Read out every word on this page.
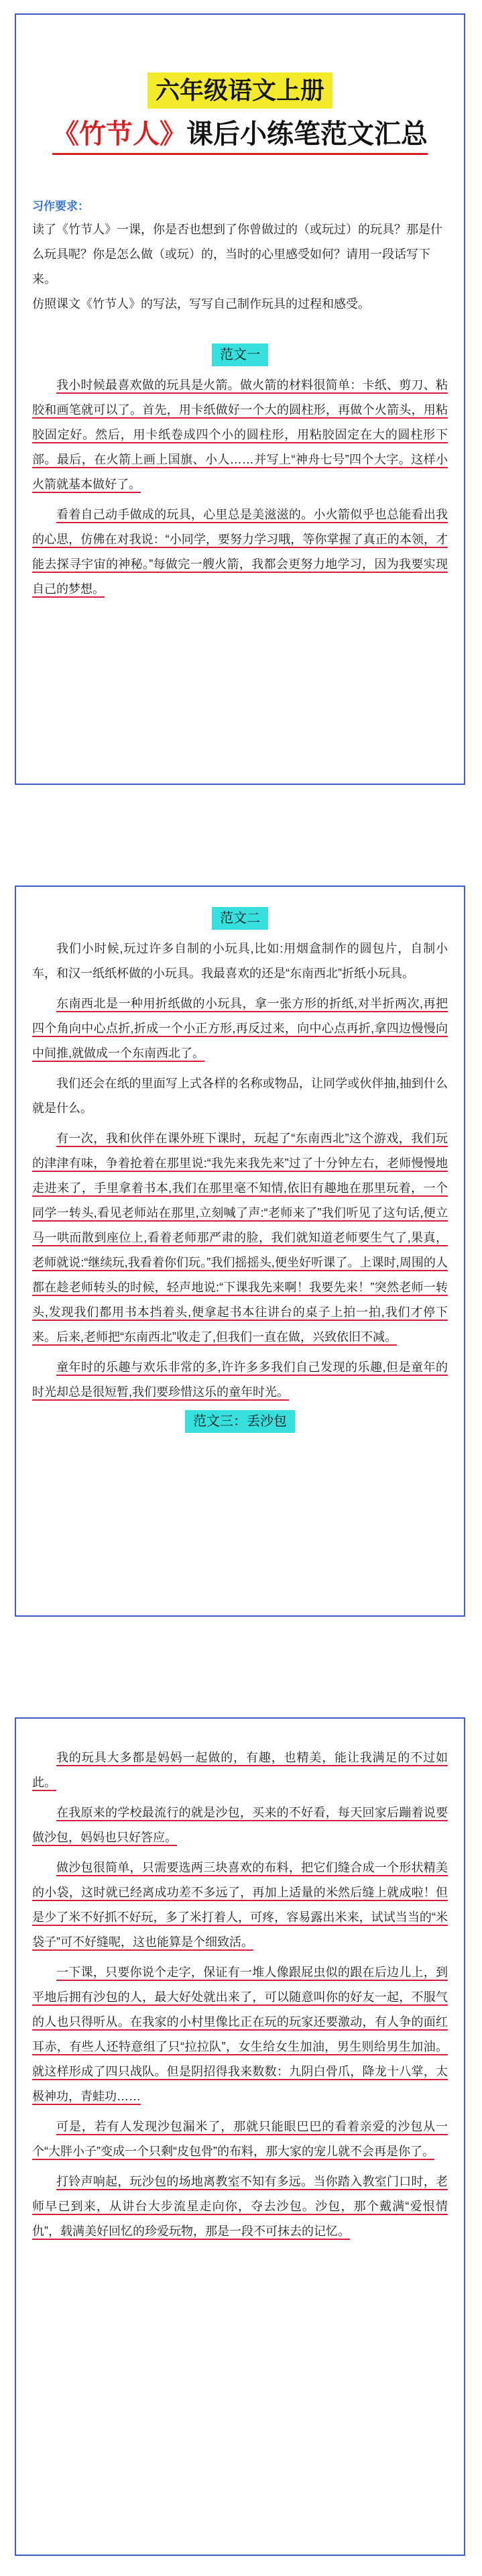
六年级语文上册
《竹节人》课后小练笔范文汇总
习作要求：

读了《竹节人》一课，你是否也想到了你曾做过的（或玩过）的玩具？那是什么玩具呢？你是怎么做（或玩）的，当时的心里感受如何？请用一段话写下来。

仿照课文《竹节人》的写法，写写自己制作玩具的过程和感受。

范文一

我小时候最喜欢做的玩具是火箭。做火箭的材料很简单：卡纸、剪刀、粘胶和画笔就可以了。首先，用卡纸做好一个大的圆柱形，再做个火箭头，用粘胶固定好。然后，用卡纸卷成四个小的圆柱形，用粘胶固定在大的圆柱形下部。最后，在火箭上画上国旗、小人……并写上“神舟七号”四个大字。这样小火箭就基本做好了。

看着自己动手做成的玩具，心里总是美滋滋的。小火箭似乎也总能看出我的心思，仿佛在对我说：“小同学，要努力学习哦，等你掌握了真正的本领，才能去探寻宇宙的神秘。”每做完一艘火箭，我都会更努力地学习，因为我要实现自己的梦想。

范文二

我们小时候,玩过许多自制的小玩具,比如:用烟盒制作的圆包片，自制小车，和汉一纸纸杯做的小玩具。我最喜欢的还是“东南西北”折纸小玩具。

东南西北是一种用折纸做的小玩具，拿一张方形的折纸,对半折两次,再把四个角向中心点折,折成一个小正方形,再反过来，向中心点再折,拿四边慢慢向中间推,就做成一个东南西北了。

我们还会在纸的里面写上式各样的名称或物品，让同学或伙伴抽,抽到什么就是什么。

有一次，我和伙伴在课外班下课时，玩起了“东南西北”这个游戏，我们玩的津津有味，争着抢着在那里说:“我先来我先来”过了十分钟左右，老师慢慢地走进来了，手里拿着书本,我们在那里毫不知情,依旧有趣地在那里玩着，一个同学一转头,看见老师站在那里,立刻喊了声:“老师来了”我们听见了这句话,便立马一哄而散到座位上,看着老师那严肃的脸，我们就知道老师要生气了,果真，老师就说:“继续玩,我看着你们玩。”我们摇摇头,便坐好听课了。上课时,周围的人都在趁老师转头的时候，轻声地说:“下课我先来啊！我要先来！”突然老师一转头,发现我们都用书本挡着头,便拿起书本往讲台的桌子上拍一拍,我们才停下来。后来,老师把“东南西北”收走了,但我们一直在做，兴致依旧不减。

童年时的乐趣与欢乐非常的多,许许多多我们自己发现的乐趣,但是童年的时光却总是很短暂,我们要珍惜这乐的童年时光。

范文三：丢沙包

我的玩具大多都是妈妈一起做的，有趣，也精美，能让我满足的不过如此。

在我原来的学校最流行的就是沙包，买来的不好看，每天回家后蹦着说要做沙包，妈妈也只好答应。

做沙包很简单，只需要选两三块喜欢的布料，把它们缝合成一个形状精美的小袋，这时就已经离成功差不多远了，再加上适量的米然后缝上就成啦！但是少了米不好抓不好玩，多了米打着人，可疼，容易露出米来，试试当当的“米袋子”可不好缝呢，这也能算是个细致活。

一下课，只要你说个走字，保证有一堆人像跟屁虫似的跟在后边儿上，到平地后拥有沙包的人，最大好处就出来了，可以随意叫你的好友一起，不服气的人也只得听从。在我家的小村里像比正在玩的玩家还要激动，有人争的面红耳赤，有些人还特意组了只“拉拉队”，女生给女生加油，男生则给男生加油。就这样形成了四只战队。但是阴招得我来数数：九阴白骨爪，降龙十八掌，太极神功，青蛙功……

可是，若有人发现沙包漏米了，那就只能眼巴巴的看着亲爱的沙包从一个“大胖小子”变成一个只剩“皮包骨”的布料，那大家的宠儿就不会再是你了。

打铃声响起，玩沙包的场地离教室不知有多远。当你踏入教室门口时，老师早已到来，从讲台大步流星走向你，夺去沙包。沙包，那个戴满“爱恨情仇”，载满美好回忆的珍爱玩物，那是一段不可抹去的记忆。
